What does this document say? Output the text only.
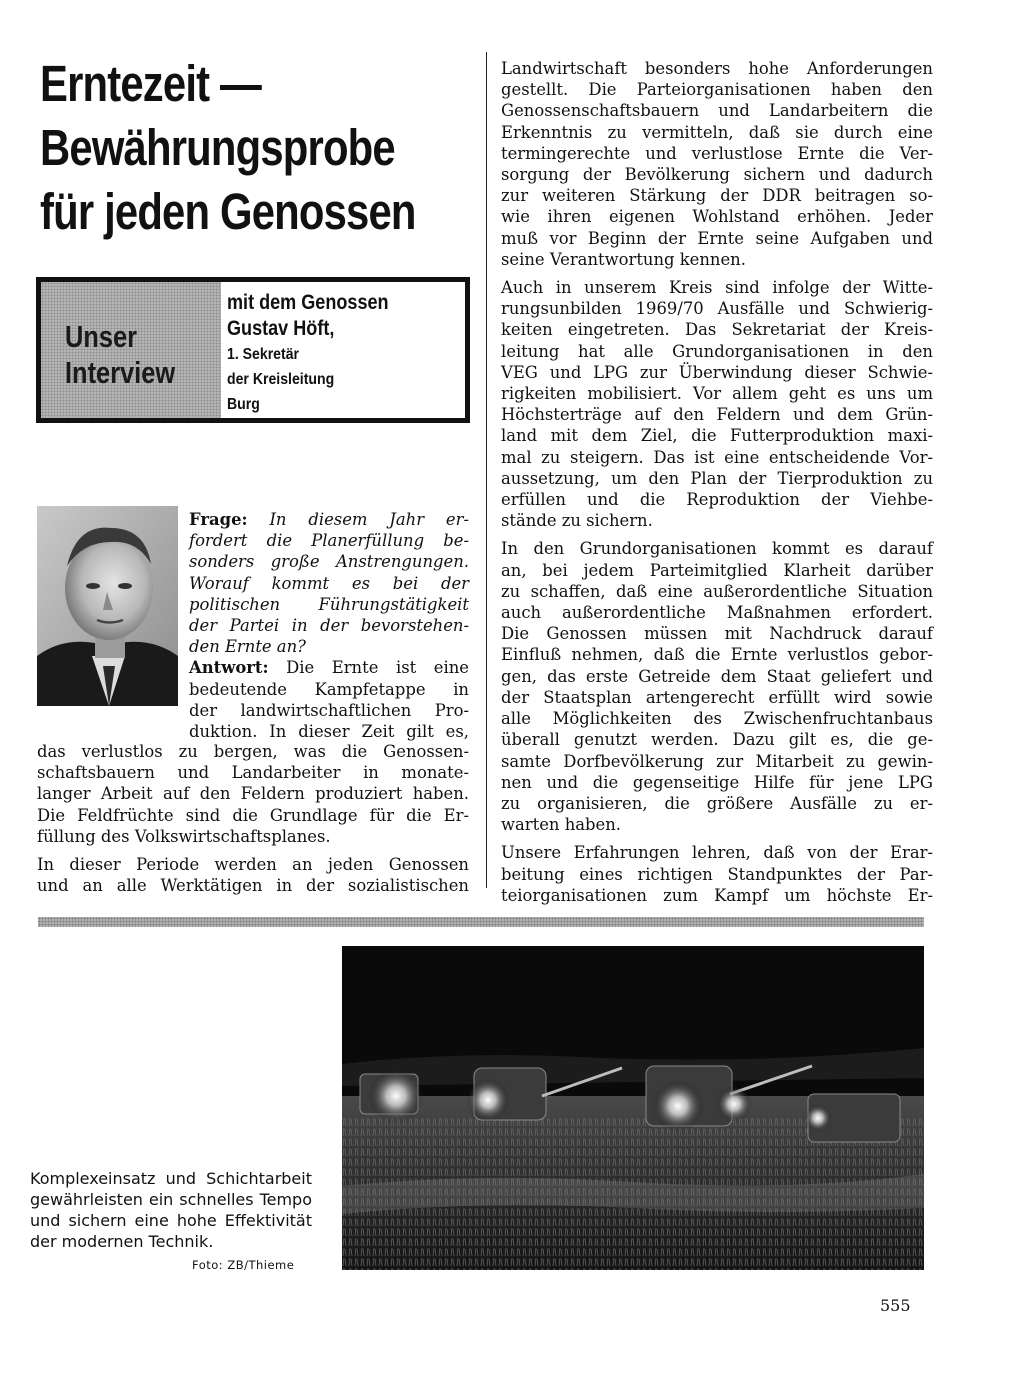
Erntezeit —
Bewährungsprobe
für jeden Genossen
Unser
Interview
mit dem Genossen
Gustav Höft,
1. Sekretär
der Kreisleitung
Burg

Frage: In diesem Jahr er-
fordert die Planerfüllung be-
sonders große Anstrengungen.
Worauf kommt es bei der
politischen Führungstätigkeit
der Partei in der bevorstehen-
den Ernte an?
Antwort: Die Ernte ist eine
bedeutende Kampfetappe in
der landwirtschaftlichen Pro-
duktion. In dieser Zeit gilt es,

das verlustlos zu bergen, was die Genossen-
schaftsbauern und Landarbeiter in monate-
langer Arbeit auf den Feldern produziert haben.
Die Feldfrüchte sind die Grundlage für die Er-
füllung des Volkswirtschaftsplanes.

In dieser Periode werden an jeden Genossen
und an alle Werktätigen in der sozialistischen

Landwirtschaft besonders hohe Anforderungen
gestellt. Die Parteiorganisationen haben den
Genossenschaftsbauern und Landarbeitern die
Erkenntnis zu vermitteln, daß sie durch eine
termingerechte und verlustlose Ernte die Ver-
sorgung der Bevölkerung sichern und dadurch
zur weiteren Stärkung der DDR beitragen so-
wie ihren eigenen Wohlstand erhöhen. Jeder
muß vor Beginn der Ernte seine Aufgaben und
seine Verantwortung kennen.

Auch in unserem Kreis sind infolge der Witte-
rungsunbilden 1969/70 Ausfälle und Schwierig-
keiten eingetreten. Das Sekretariat der Kreis-
leitung hat alle Grundorganisationen in den
VEG und LPG zur Überwindung dieser Schwie-
rigkeiten mobilisiert. Vor allem geht es uns um
Höchsterträge auf den Feldern und dem Grün-
land mit dem Ziel, die Futterproduktion maxi-
mal zu steigern. Das ist eine entscheidende Vor-
aussetzung, um den Plan der Tierproduktion zu
erfüllen und die Reproduktion der Viehbe-
stände zu sichern.

In den Grundorganisationen kommt es darauf
an, bei jedem Parteimitglied Klarheit darüber
zu schaffen, daß eine außerordentliche Situation
auch außerordentliche Maßnahmen erfordert.
Die Genossen müssen mit Nachdruck darauf
Einfluß nehmen, daß die Ernte verlustlos gebor-
gen, das erste Getreide dem Staat geliefert und
der Staatsplan artengerecht erfüllt wird sowie
alle Möglichkeiten des Zwischenfruchtanbaus
überall genutzt werden. Dazu gilt es, die ge-
samte Dorfbevölkerung zur Mitarbeit zu gewin-
nen und die gegenseitige Hilfe für jene LPG
zu organisieren, die größere Ausfälle zu er-
warten haben.

Unsere Erfahrungen lehren, daß von der Erar-
beitung eines richtigen Standpunktes der Par-
teiorganisationen zum Kampf um höchste Er-

Komplexeinsatz und Schichtarbeit
gewährleisten ein schnelles Tempo
und sichern eine hohe Effektivität
der modernen Technik.
Foto: ZB/Thieme
555
